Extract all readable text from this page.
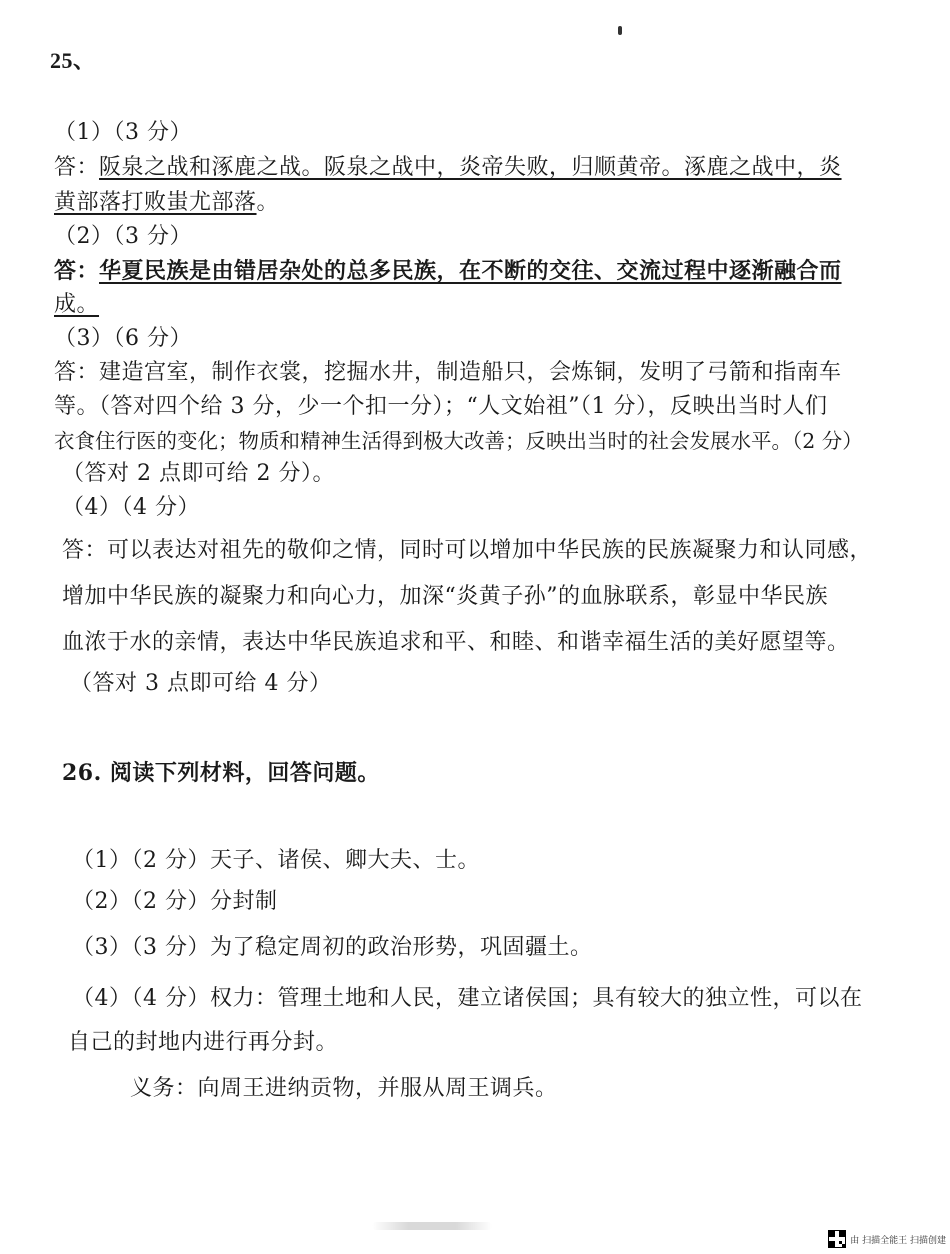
25、
（1）（3 分）
答：阪泉之战和涿鹿之战。阪泉之战中，炎帝失败，归顺黄帝。涿鹿之战中，炎
黄部落打败蚩尤部落。
（2）（3 分）
答：华夏民族是由错居杂处的总多民族，在不断的交往、交流过程中逐渐融合而
成。
（3）（6 分）
答：建造宫室，制作衣裳，挖掘水井，制造船只，会炼铜，发明了弓箭和指南车
等。（答对四个给 3 分，少一个扣一分）；“人文始祖”（1 分），反映出当时人们
衣食住行医的变化；物质和精神生活得到极大改善；反映出当时的社会发展水平。（2 分）
（答对 2 点即可给 2 分）。
（4）（4 分）
答：可以表达对祖先的敬仰之情，同时可以增加中华民族的民族凝聚力和认同感，
增加中华民族的凝聚力和向心力，加深“炎黄子孙”的血脉联系，彰显中华民族
血浓于水的亲情，表达中华民族追求和平、和睦、和谐幸福生活的美好愿望等。
（答对 3 点即可给 4 分）
26. 阅读下列材料，回答问题。
（1）（2 分）天子、诸侯、卿大夫、士。
（2）（2 分）分封制
（3）（3 分）为了稳定周初的政治形势，巩固疆土。
（4）（4 分）权力：管理土地和人民，建立诸侯国；具有较大的独立性，可以在
自己的封地内进行再分封。
义务：向周王进纳贡物，并服从周王调兵。
由 扫描全能王 扫描创建
